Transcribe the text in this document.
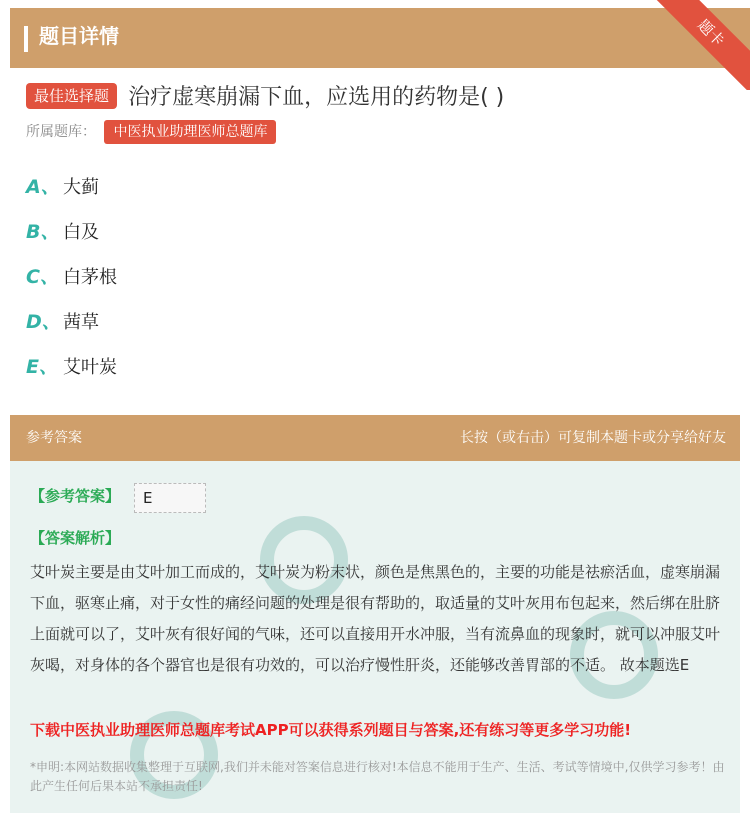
题目详情	题卡
最佳选择题 治疗虚寒崩漏下血，应选用的药物是( )
所属题库： 中医执业助理医师总题库
A、 大蓟
B、 白及
C、 白茅根
D、 茜草
E、 艾叶炭
参考答案	长按（或右击）可复制本题卡或分享给好友
【参考答案】	E
【答案解析】
艾叶炭主要是由艾叶加工而成的，艾叶炭为粉末状，颜色是焦黑色的，主要的功能是祛瘀活血，虚寒崩漏下血，驱寒止痛，对于女性的痛经问题的处理是很有帮助的，取适量的艾叶灰用布包起来，然后绑在肚脐上面就可以了，艾叶灰有很好闻的气味，还可以直接用开水冲服，当有流鼻血的现象时，就可以冲服艾叶灰喝，对身体的各个器官也是很有功效的，可以治疗慢性肝炎，还能够改善胃部的不适。 故本题选E
下载中医执业助理医师总题库考试APP可以获得系列题目与答案,还有练习等更多学习功能!
*申明:本网站数据收集整理于互联网,我们并未能对答案信息进行核对!本信息不能用于生产、生活、考试等情境中,仅供学习参考！由此产生任何后果本站不承担责任!
